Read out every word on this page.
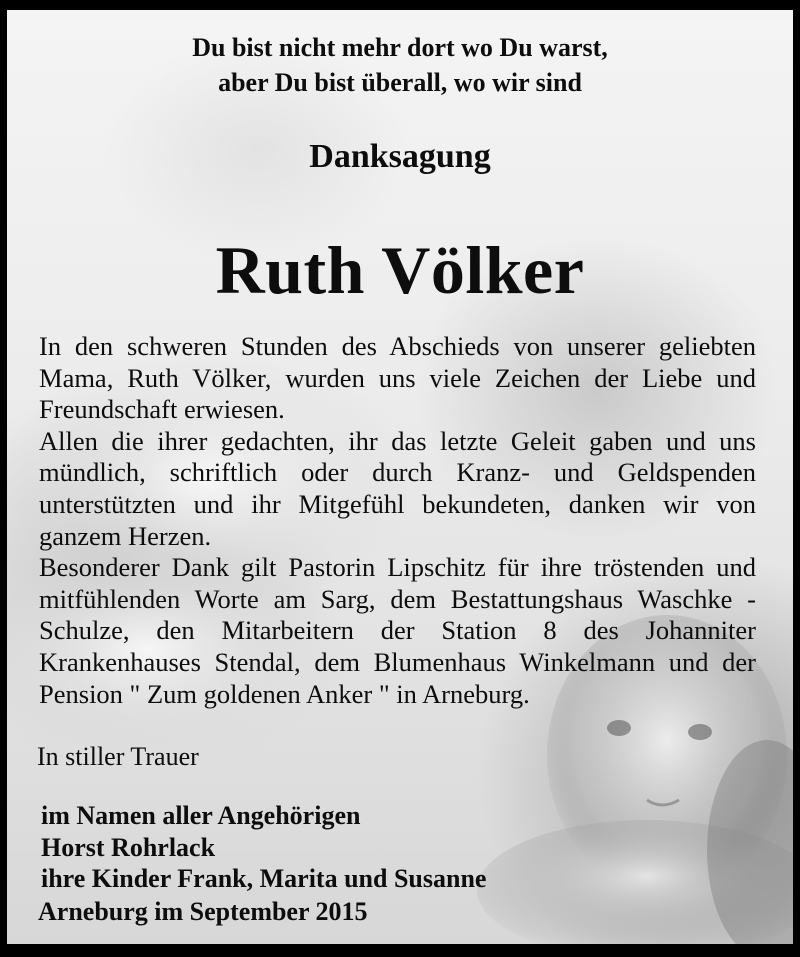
Du bist nicht mehr dort wo Du warst,
aber Du bist überall, wo wir sind
Danksagung
Ruth Völker

In den schweren Stunden des Abschieds von unserer geliebten Mama, Ruth Völker, wurden uns viele Zeichen der Liebe und Freundschaft erwiesen.

Allen die ihrer gedachten, ihr das letzte Geleit gaben und uns mündlich, schriftlich oder durch Kranz- und Geldspenden unterstützten und ihr Mitgefühl bekundeten, danken wir von ganzem Herzen.

Besonderer Dank gilt Pastorin Lipschitz für ihre tröstenden und mitfühlenden Worte am Sarg, dem Bestattungshaus Waschke - Schulze, den Mitarbeitern der Station 8 des Johanniter Krankenhauses Stendal, dem Blumenhaus Winkelmann und der Pension " Zum goldenen Anker " in Arneburg.

In stiller Trauer
im Namen aller Angehörigen
Horst Rohrlack
ihre Kinder Frank, Marita und Susanne
Arneburg im September 2015
